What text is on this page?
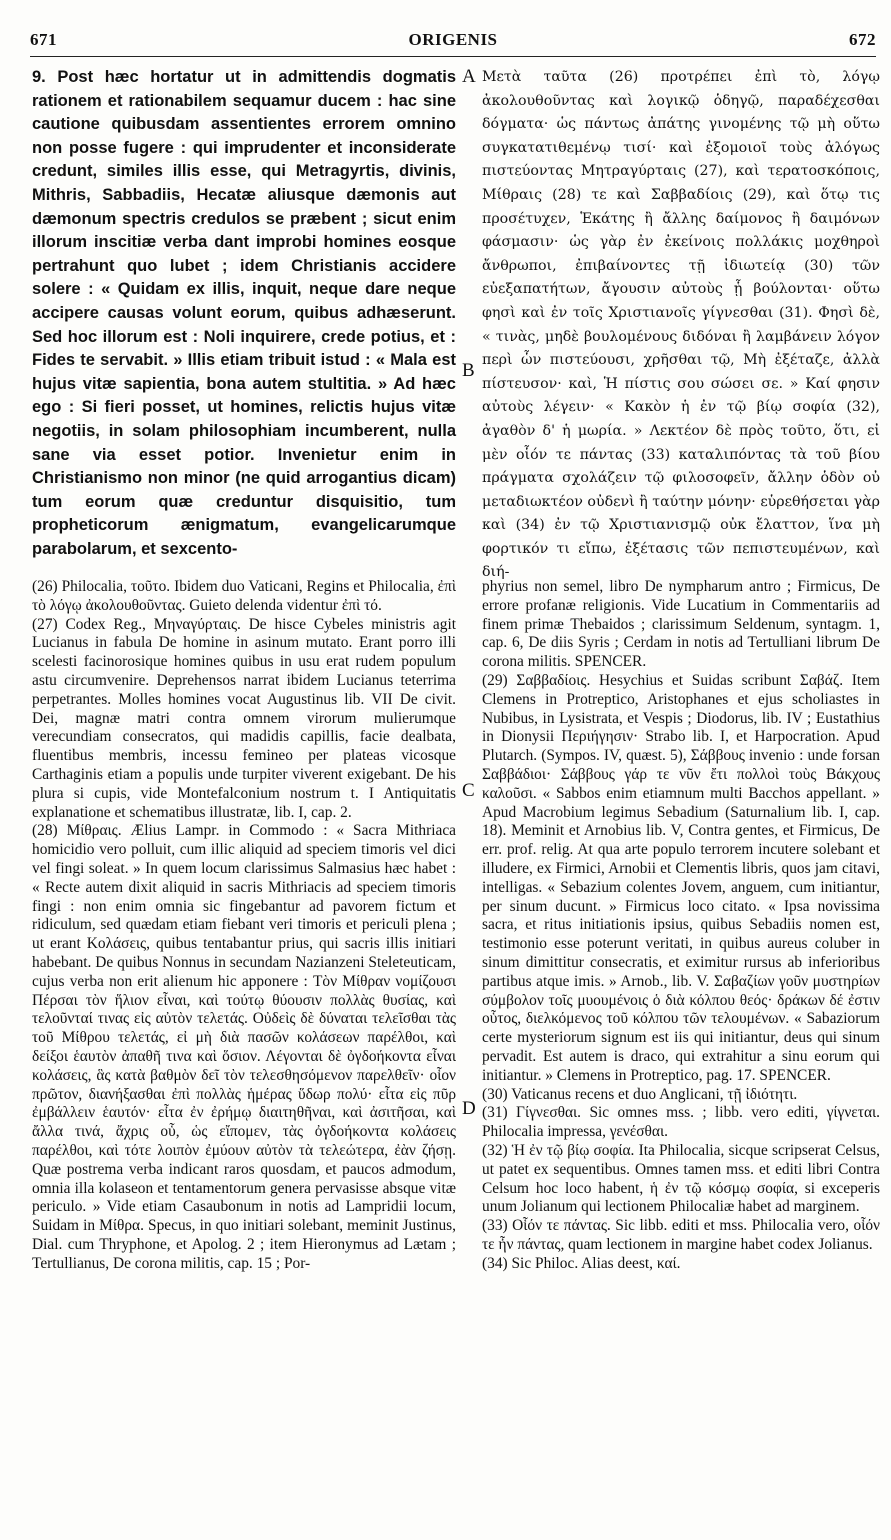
671	ORIGENIS	672

9. Post hæc hortatur ut in admittendis dogmatis rationem et rationabilem sequamur ducem : hac sine cautione quibusdam assentientes errorem omnino non posse fugere : qui imprudenter et inconsiderate credunt, similes illis esse, qui Metragyrtis, divinis, Mithris, Sabbadiis, Hecatæ aliusque dæmonis aut dæmonum spectris credulos se præbent ; sicut enim illorum inscitiæ verba dant improbi homines eosque pertrahunt quo lubet ; idem Christianis accidere solere : « Quidam ex illis, inquit, neque dare neque accipere causas volunt eorum, quibus adhæserunt. Sed hoc illorum est : Noli inquirere, crede potius, et : Fides te servabit. » Illis etiam tribuit istud : « Mala est hujus vitæ sapientia, bona autem stultitia. » Ad hæc ego : Si fieri posset, ut homines, relictis hujus vitæ negotiis, in solam philosophiam incumberent, nulla sane via esset potior. Invenietur enim in Christianismo non minor (ne quid arrogantius dicam) tum eorum quæ creduntur disquisitio, tum propheticorum ænigmatum, evangelicarumque parabolarum, et sexcento-

Μετὰ ταῦτα (26) προτρέπει ἐπὶ τὸ, λόγῳ ἀκολουθοῦντας καὶ λογικῷ ὁδηγῷ, παραδέχεσθαι δόγματα· ὡς πάντως ἀπάτης γινομένης τῷ μὴ οὕτω συγκατατιθεμένῳ τισί· καὶ ἐξομοιοῖ τοὺς ἀλόγως πιστεύοντας Μητραγύρταις (27), καὶ τερατοσκόποις, Μίθραις (28) τε καὶ Σαββαδίοις (29), καὶ ὅτῳ τις προσέτυχεν, Ἑκάτης ἢ ἄλλης δαίμονος ἢ δαιμόνων φάσμασιν· ὡς γὰρ ἐν ἐκείνοις πολλάκις μοχθηροὶ ἄνθρωποι, ἐπιβαίνοντες τῇ ἰδιωτείᾳ (30) τῶν εὐεξαπατήτων, ἄγουσιν αὐτοὺς ᾗ βούλονται· οὕτω φησὶ καὶ ἐν τοῖς Χριστιανοῖς γίγνεσθαι (31). Φησὶ δὲ, « τινὰς, μηδὲ βουλομένους διδόναι ἢ λαμβάνειν λόγον περὶ ὧν πιστεύουσι, χρῆσθαι τῷ, Μὴ ἐξέταζε, ἀλλὰ πίστευσον· καὶ, Ἡ πίστις σου σώσει σε. » Καί φησιν αὐτοὺς λέγειν· « Κακὸν ἡ ἐν τῷ βίῳ σοφία (32), ἀγαθὸν δ' ἡ μωρία. » Λεκτέον δὲ πρὸς τοῦτο, ὅτι, εἰ μὲν οἷόν τε πάντας (33) καταλιπόντας τὰ τοῦ βίου πράγματα σχολάζειν τῷ φιλοσοφεῖν, ἄλλην ὁδὸν οὐ μεταδιωκτέον οὐδενὶ ἢ ταύτην μόνην· εὑρεθήσεται γὰρ καὶ (34) ἐν τῷ Χριστιανισμῷ οὐκ ἔλαττον, ἵνα μὴ φορτικόν τι εἴπω, ἐξέτασις τῶν πεπιστευμένων, καὶ διή-

A
B
C
D

(26) Philocalia, τοῦτο. Ibidem duo Vaticani, Regins et Philocalia, ἐπὶ τὸ λόγῳ ἀκολουθοῦντας. Guieto delenda videntur ἐπὶ τό.

(27) Codex Reg., Μηναγύρταις. De hisce Cybeles ministris agit Lucianus in fabula De homine in asinum mutato. Erant porro illi scelesti facinorosique homines quibus in usu erat rudem populum astu circumvenire. Deprehensos narrat ibidem Lucianus teterrima perpetrantes. Molles homines vocat Augustinus lib. VII De civit. Dei, magnæ matri contra omnem virorum mulierumque verecundiam consecratos, qui madidis capillis, facie dealbata, fluentibus membris, incessu femineo per plateas vicosque Carthaginis etiam a populis unde turpiter viverent exigebant. De his plura si cupis, vide Montefalconium nostrum t. I Antiquitatis explanatione et schematibus illustratæ, lib. I, cap. 2.

(28) Μίθραις. Ælius Lampr. in Commodo : « Sacra Mithriaca homicidio vero polluit, cum illic aliquid ad speciem timoris vel dici vel fingi soleat. » In quem locum clarissimus Salmasius hæc habet : « Recte autem dixit aliquid in sacris Mithriacis ad speciem timoris fingi : non enim omnia sic fingebantur ad pavorem fictum et ridiculum, sed quædam etiam fiebant veri timoris et periculi plena ; ut erant Κολάσεις, quibus tentabantur prius, qui sacris illis initiari habebant. De quibus Nonnus in secundam Nazianzeni Steleteuticam, cujus verba non erit alienum hic apponere : Τὸν Μίθραν νομίζουσι Πέρσαι τὸν ἥλιον εἶναι, καὶ τούτῳ θύουσιν πολλὰς θυσίας, καὶ τελοῦνταί τινας εἰς αὐτὸν τελετάς. Οὐδεὶς δὲ δύναται τελεῖσθαι τὰς τοῦ Μίθρου τελετάς, εἰ μὴ διὰ πασῶν κολάσεων παρέλθοι, καὶ δείξοι ἑαυτὸν ἀπαθῆ τινα καὶ ὅσιον. Λέγονται δὲ ὀγδοήκοντα εἶναι κολάσεις, ἃς κατὰ βαθμὸν δεῖ τὸν τελεσθησόμενον παρελθεῖν· οἷον πρῶτον, διανήξασθαι ἐπὶ πολλὰς ἡμέρας ὕδωρ πολύ· εἶτα εἰς πῦρ ἐμβάλλειν ἑαυτόν· εἶτα ἐν ἐρήμῳ διαιτηθῆναι, καὶ ἀσιτῆσαι, καὶ ἄλλα τινά, ἄχρις οὗ, ὡς εἴπομεν, τὰς ὀγδοήκοντα κολάσεις παρέλθοι, καὶ τότε λοιπὸν ἐμύουν αὐτὸν τὰ τελεώτερα, ἐὰν ζήσῃ. Quæ postrema verba indicant raros quosdam, et paucos admodum, omnia illa kolaseon et tentamentorum genera pervasisse absque vitæ periculo. » Vide etiam Casaubonum in notis ad Lampridii locum, Suidam in Μίθρα. Specus, in quo initiari solebant, meminit Justinus, Dial. cum Thryphone, et Apolog. 2 ; item Hieronymus ad Lætam ; Tertullianus, De corona militis, cap. 15 ; Por-

phyrius non semel, libro De nympharum antro ; Firmicus, De errore profanæ religionis. Vide Lucatium in Commentariis ad finem primæ Thebaidos ; clarissimum Seldenum, syntagm. 1, cap. 6, De diis Syris ; Cerdam in notis ad Tertulliani librum De corona militis. SPENCER.

(29) Σαββαδίοις. Hesychius et Suidas scribunt Σαβάζ. Item Clemens in Protreptico, Aristophanes et ejus scholiastes in Nubibus, in Lysistrata, et Vespis ; Diodorus, lib. IV ; Eustathius in Dionysii Περιήγησιν· Strabo lib. I, et Harpocration. Apud Plutarch. (Sympos. IV, quæst. 5), Σάββους invenio : unde forsan Σαββάδιοι· Σάββους γάρ τε νῦν ἔτι πολλοὶ τοὺς Βάκχους καλοῦσι. « Sabbos enim etiamnum multi Bacchos appellant. » Apud Macrobium legimus Sebadium (Saturnalium lib. I, cap. 18). Meminit et Arnobius lib. V, Contra gentes, et Firmicus, De err. prof. relig. At qua arte populo terrorem incutere solebant et illudere, ex Firmici, Arnobii et Clementis libris, quos jam citavi, intelligas. « Sebazium colentes Jovem, anguem, cum initiantur, per sinum ducunt. » Firmicus loco citato. « Ipsa novissima sacra, et ritus initiationis ipsius, quibus Sebadiis nomen est, testimonio esse poterunt veritati, in quibus aureus coluber in sinum dimittitur consecratis, et eximitur rursus ab inferioribus partibus atque imis. » Arnob., lib. V. Σαβαζίων γοῦν μυστηρίων σύμβολον τοῖς μυουμένοις ὁ διὰ κόλπου θεός· δράκων δέ ἐστιν οὗτος, διελκόμενος τοῦ κόλπου τῶν τελουμένων. « Sabaziorum certe mysteriorum signum est iis qui initiantur, deus qui sinum pervadit. Est autem is draco, qui extrahitur a sinu eorum qui initiantur. » Clemens in Protreptico, pag. 17. SPENCER.

(30) Vaticanus recens et duo Anglicani, τῇ ἰδιότητι.

(31) Γίγνεσθαι. Sic omnes mss. ; libb. vero editi, γίγνεται. Philocalia impressa, γενέσθαι.

(32) Ἡ ἐν τῷ βίῳ σοφία. Ita Philocalia, sicque scripserat Celsus, ut patet ex sequentibus. Omnes tamen mss. et editi libri Contra Celsum hoc loco habent, ἡ ἐν τῷ κόσμῳ σοφία, si exceperis unum Jolianum qui lectionem Philocaliæ habet ad marginem.

(33) Οἷόν τε πάντας. Sic libb. editi et mss. Philocalia vero, οἷόν τε ἦν πάντας, quam lectionem in margine habet codex Jolianus.

(34) Sic Philoc. Alias deest, καί.
